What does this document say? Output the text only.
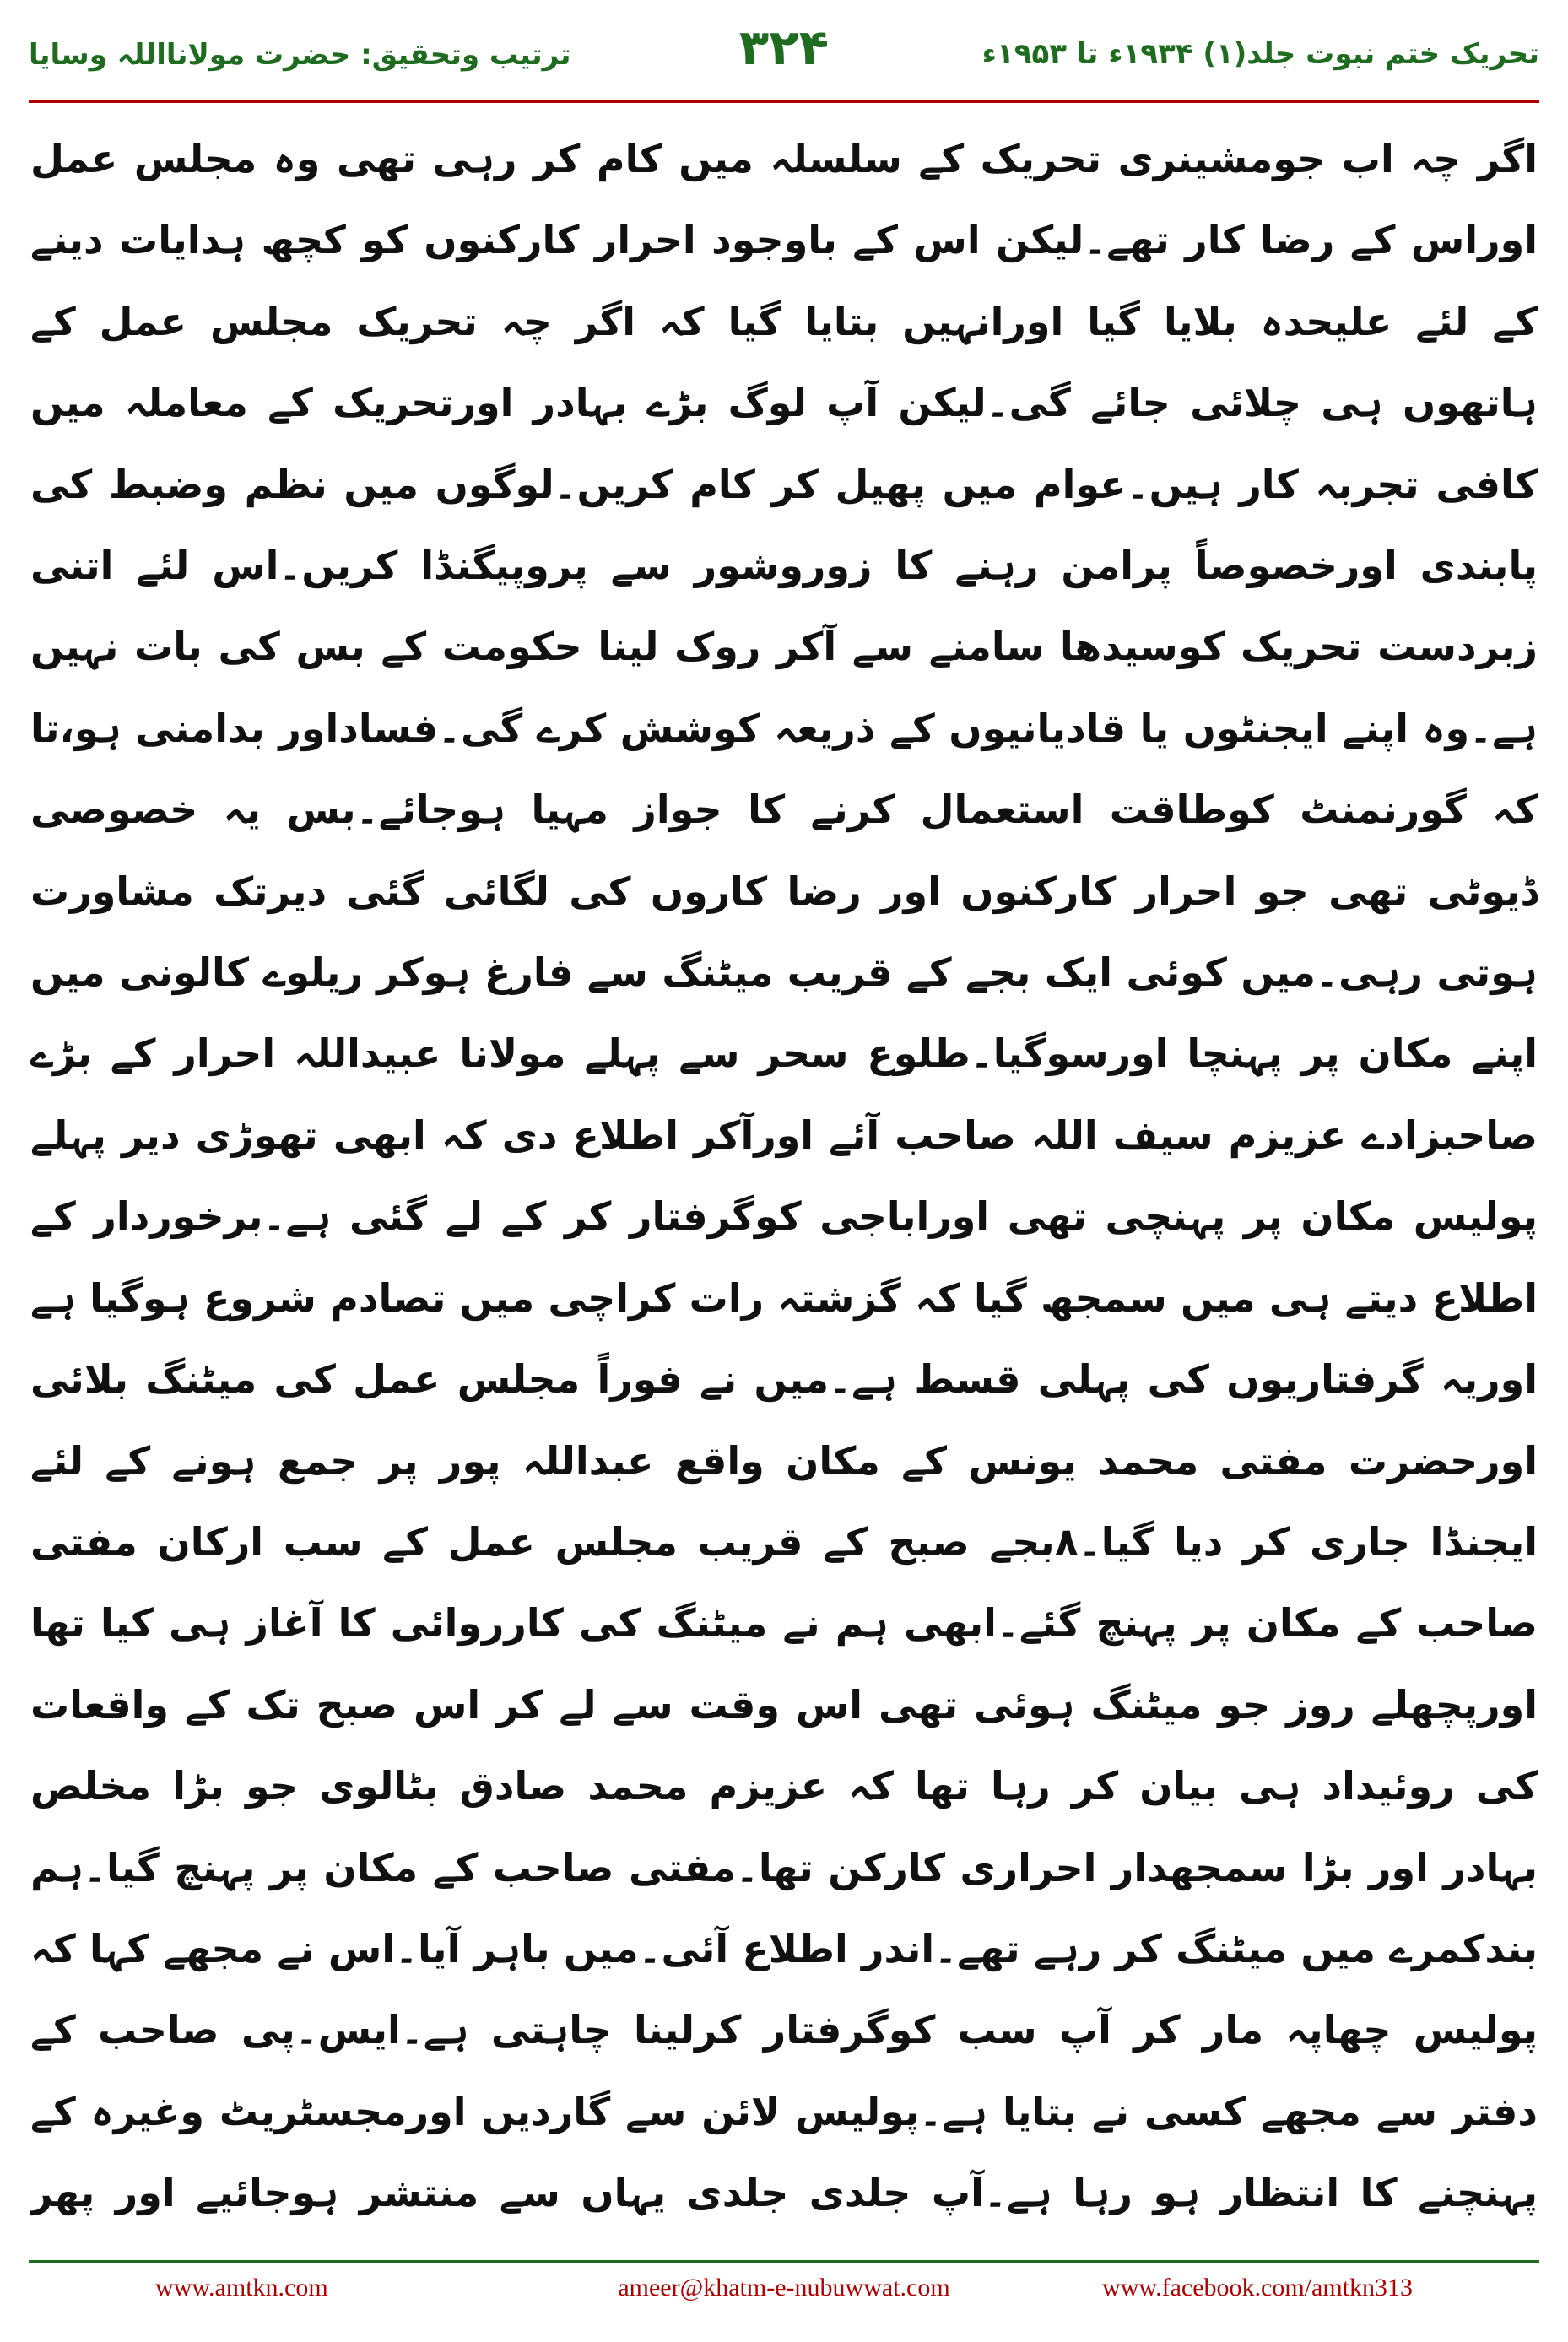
ترتیب وتحقیق: حضرت مولانااللہ وسایا	۳۲۴	تحریک ختم نبوت جلد(۱) ۱۹۳۴ء تا ۱۹۵۳ء

اگر چہ اب جومشینری تحریک کے سلسلہ میں کام کر رہی تھی وہ مجلس عمل اوراس کے رضا کار تھے۔لیکن اس کے باوجود احرار کارکنوں کو کچھ ہدایات دینے کے لئے علیحدہ بلایا گیا اورانہیں بتایا گیا کہ اگر چہ تحریک مجلس عمل کے ہاتھوں ہی چلائی جائے گی۔لیکن آپ لوگ بڑے بہادر اورتحریک کے معاملہ میں کافی تجربہ کار ہیں۔عوام میں پھیل کر کام کریں۔لوگوں میں نظم وضبط کی پابندی اورخصوصاً پرامن رہنے کا زوروشور سے پروپیگنڈا کریں۔اس لئے اتنی زبردست تحریک کوسیدھا سامنے سے آکر روک لینا حکومت کے بس کی بات نہیں ہے۔وہ اپنے ایجنٹوں یا قادیانیوں کے ذریعہ کوشش کرے گی۔فساداور بدامنی ہو،تا کہ گورنمنٹ کوطاقت استعمال کرنے کا جواز مہیا ہوجائے۔بس یہ خصوصی ڈیوٹی تھی جو احرار کارکنوں اور رضا کاروں کی لگائی گئی دیرتک مشاورت ہوتی رہی۔میں کوئی ایک بجے کے قریب میٹنگ سے فارغ ہوکر ریلوے کالونی میں اپنے مکان پر پہنچا اورسوگیا۔طلوع سحر سے پہلے مولانا عبیداللہ احرار کے بڑے صاحبزادے عزیزم سیف اللہ صاحب آئے اورآکر اطلاع دی کہ ابھی تھوڑی دیر پہلے پولیس مکان پر پہنچی تھی اوراباجی کوگرفتار کر کے لے گئی ہے۔برخوردار کے اطلاع دیتے ہی میں سمجھ گیا کہ گزشتہ رات کراچی میں تصادم شروع ہوگیا ہے اوریہ گرفتاریوں کی پہلی قسط ہے۔میں نے فوراً مجلس عمل کی میٹنگ بلائی اورحضرت مفتی محمد یونس کے مکان واقع عبداللہ پور پر جمع ہونے کے لئے ایجنڈا جاری کر دیا گیا۔۸بجے صبح کے قریب مجلس عمل کے سب ارکان مفتی صاحب کے مکان پر پہنچ گئے۔ابھی ہم نے میٹنگ کی کارروائی کا آغاز ہی کیا تھا اورپچھلے روز جو میٹنگ ہوئی تھی اس وقت سے لے کر اس صبح تک کے واقعات کی روئیداد ہی بیان کر رہا تھا کہ عزیزم محمد صادق بٹالوی جو بڑا مخلص بہادر اور بڑا سمجھدار احراری کارکن تھا۔مفتی صاحب کے مکان پر پہنچ گیا۔ہم بندکمرے میں میٹنگ کر رہے تھے۔اندر اطلاع آئی۔میں باہر آیا۔اس نے مجھے کہا کہ پولیس چھاپہ مار کر آپ سب کوگرفتار کرلینا چاہتی ہے۔ایس۔پی صاحب کے دفتر سے مجھے کسی نے بتایا ہے۔پولیس لائن سے گاردیں اورمجسٹریٹ وغیرہ کے پہنچنے کا انتظار ہو رہا ہے۔آپ جلدی جلدی یہاں سے منتشر ہوجائیے اور پھر

www.amtkn.com	ameer@khatm-e-nubuwwat.com	www.facebook.com/amtkn313
